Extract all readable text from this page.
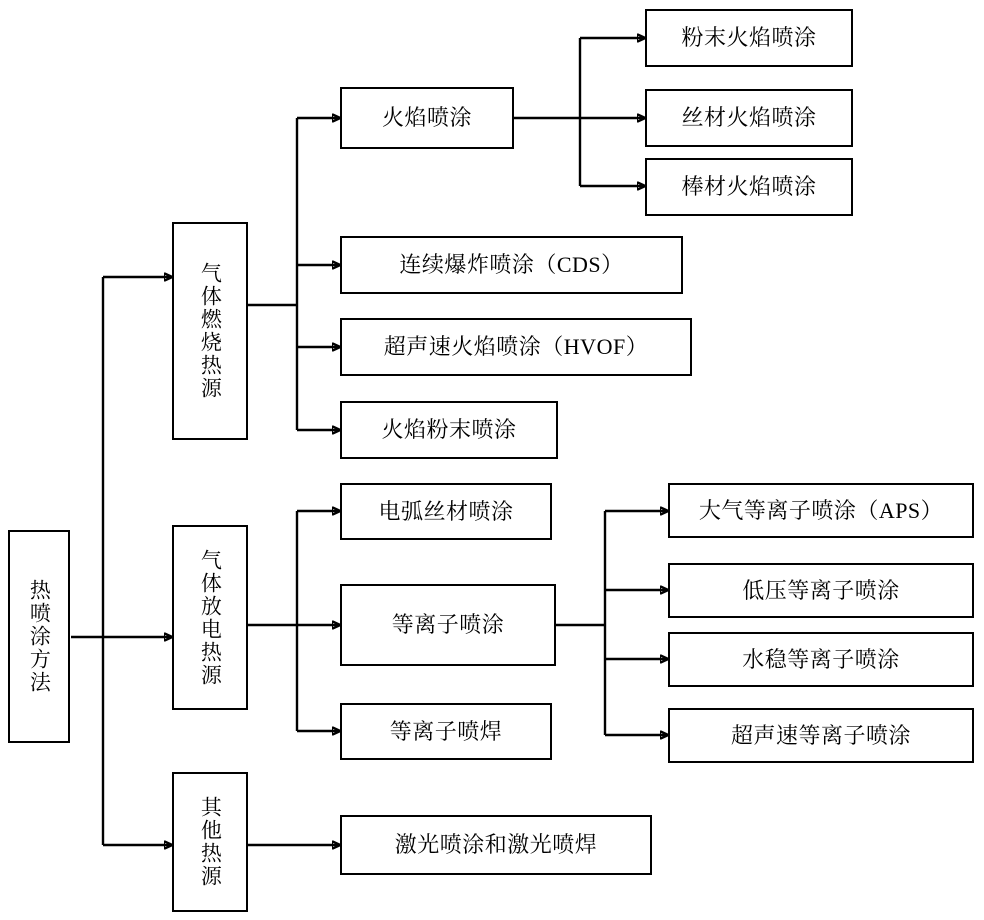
热喷涂方法
气体燃烧热源
气体放电热源
其他热源
火焰喷涂
连续爆炸喷涂（CDS）
超声速火焰喷涂（HVOF）
火焰粉末喷涂
电弧丝材喷涂
等离子喷涂
等离子喷焊
激光喷涂和激光喷焊
粉末火焰喷涂
丝材火焰喷涂
棒材火焰喷涂
大气等离子喷涂（APS）
低压等离子喷涂
水稳等离子喷涂
超声速等离子喷涂
